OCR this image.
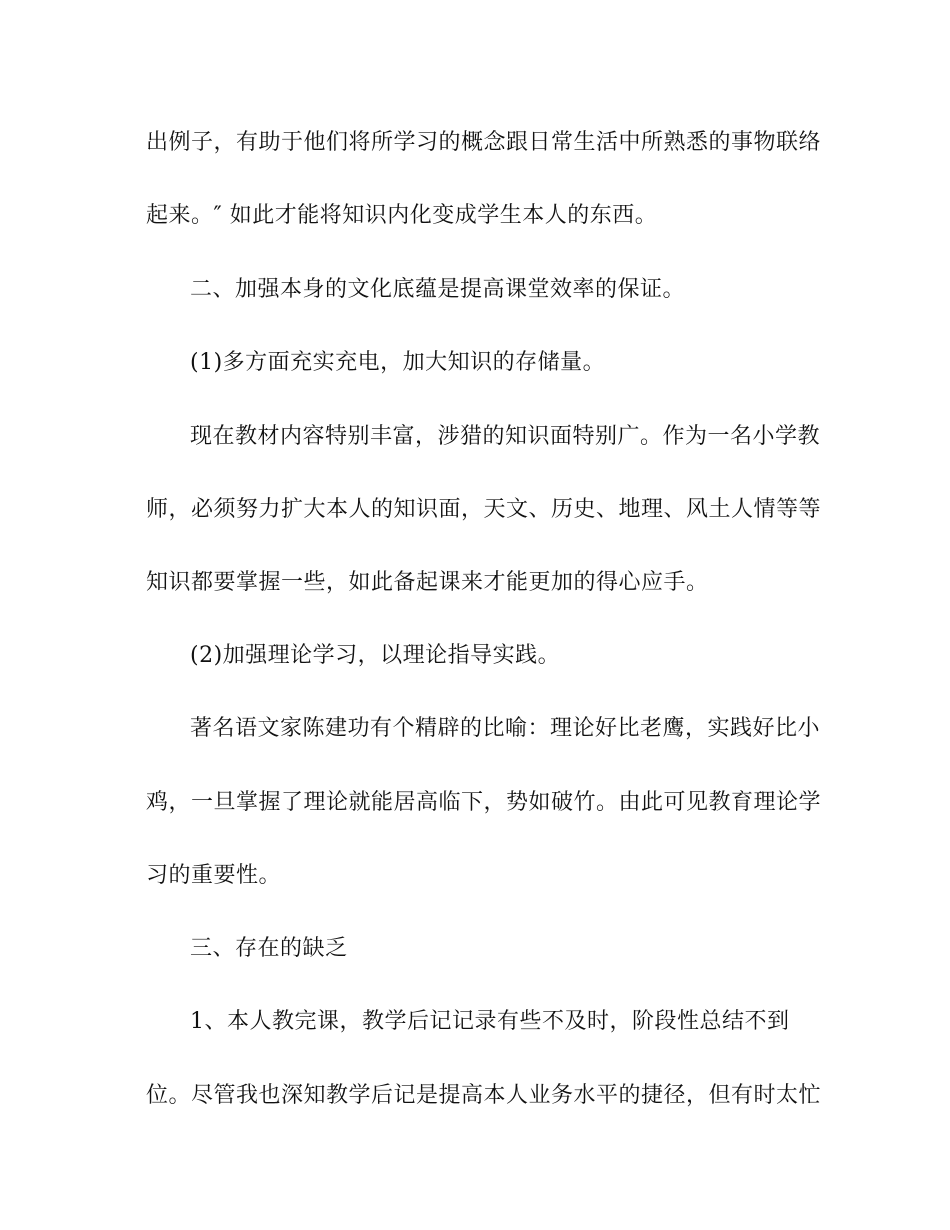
出例子，有助于他们将所学习的概念跟日常生活中所熟悉的事物联络
起来。″ 如此才能将知识内化变成学生本人的东西。
二、加强本身的文化底蕴是提高课堂效率的保证。
(1)多方面充实充电，加大知识的存储量。
现在教材内容特别丰富，涉猎的知识面特别广。作为一名小学教
师，必须努力扩大本人的知识面，天文、历史、地理、风土人情等等
知识都要掌握一些，如此备起课来才能更加的得心应手。
(2)加强理论学习，以理论指导实践。
著名语文家陈建功有个精辟的比喻：理论好比老鹰，实践好比小
鸡，一旦掌握了理论就能居高临下，势如破竹。由此可见教育理论学
习的重要性。
三、存在的缺乏
1、本人教完课，教学后记记录有些不及时，阶段性总结不到
位。尽管我也深知教学后记是提高本人业务水平的捷径，但有时太忙
